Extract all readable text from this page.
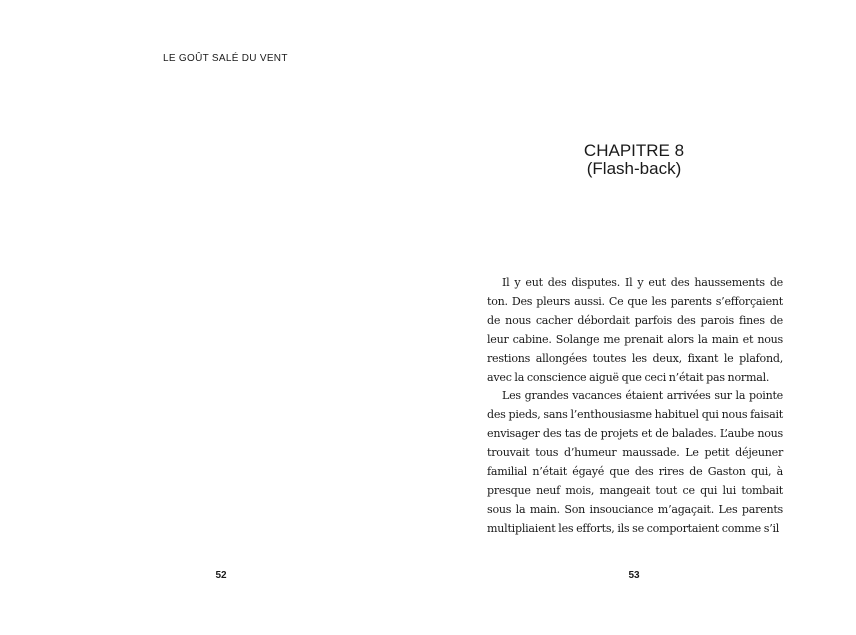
LE GOÛT SALÉ DU VENT
52
CHAPITRE 8
(Flash-back)

Il y eut des disputes. Il y eut des haussements de ton. Des pleurs aussi. Ce que les parents s’efforçaient de nous cacher débordait parfois des parois fines de leur cabine. Solange me prenait alors la main et nous restions allongées toutes les deux, fixant le plafond, avec la conscience aiguë que ceci n’était pas normal.

Les grandes vacances étaient arrivées sur la pointe des pieds, sans l’enthousiasme habituel qui nous faisait envisager des tas de projets et de balades. L’aube nous trouvait tous d’humeur maussade. Le petit déjeuner familial n’était égayé que des rires de Gaston qui, à presque neuf mois, mangeait tout ce qui lui tombait sous la main. Son insouciance m’agaçait. Les parents multipliaient les efforts, ils se comportaient comme s’il

53
